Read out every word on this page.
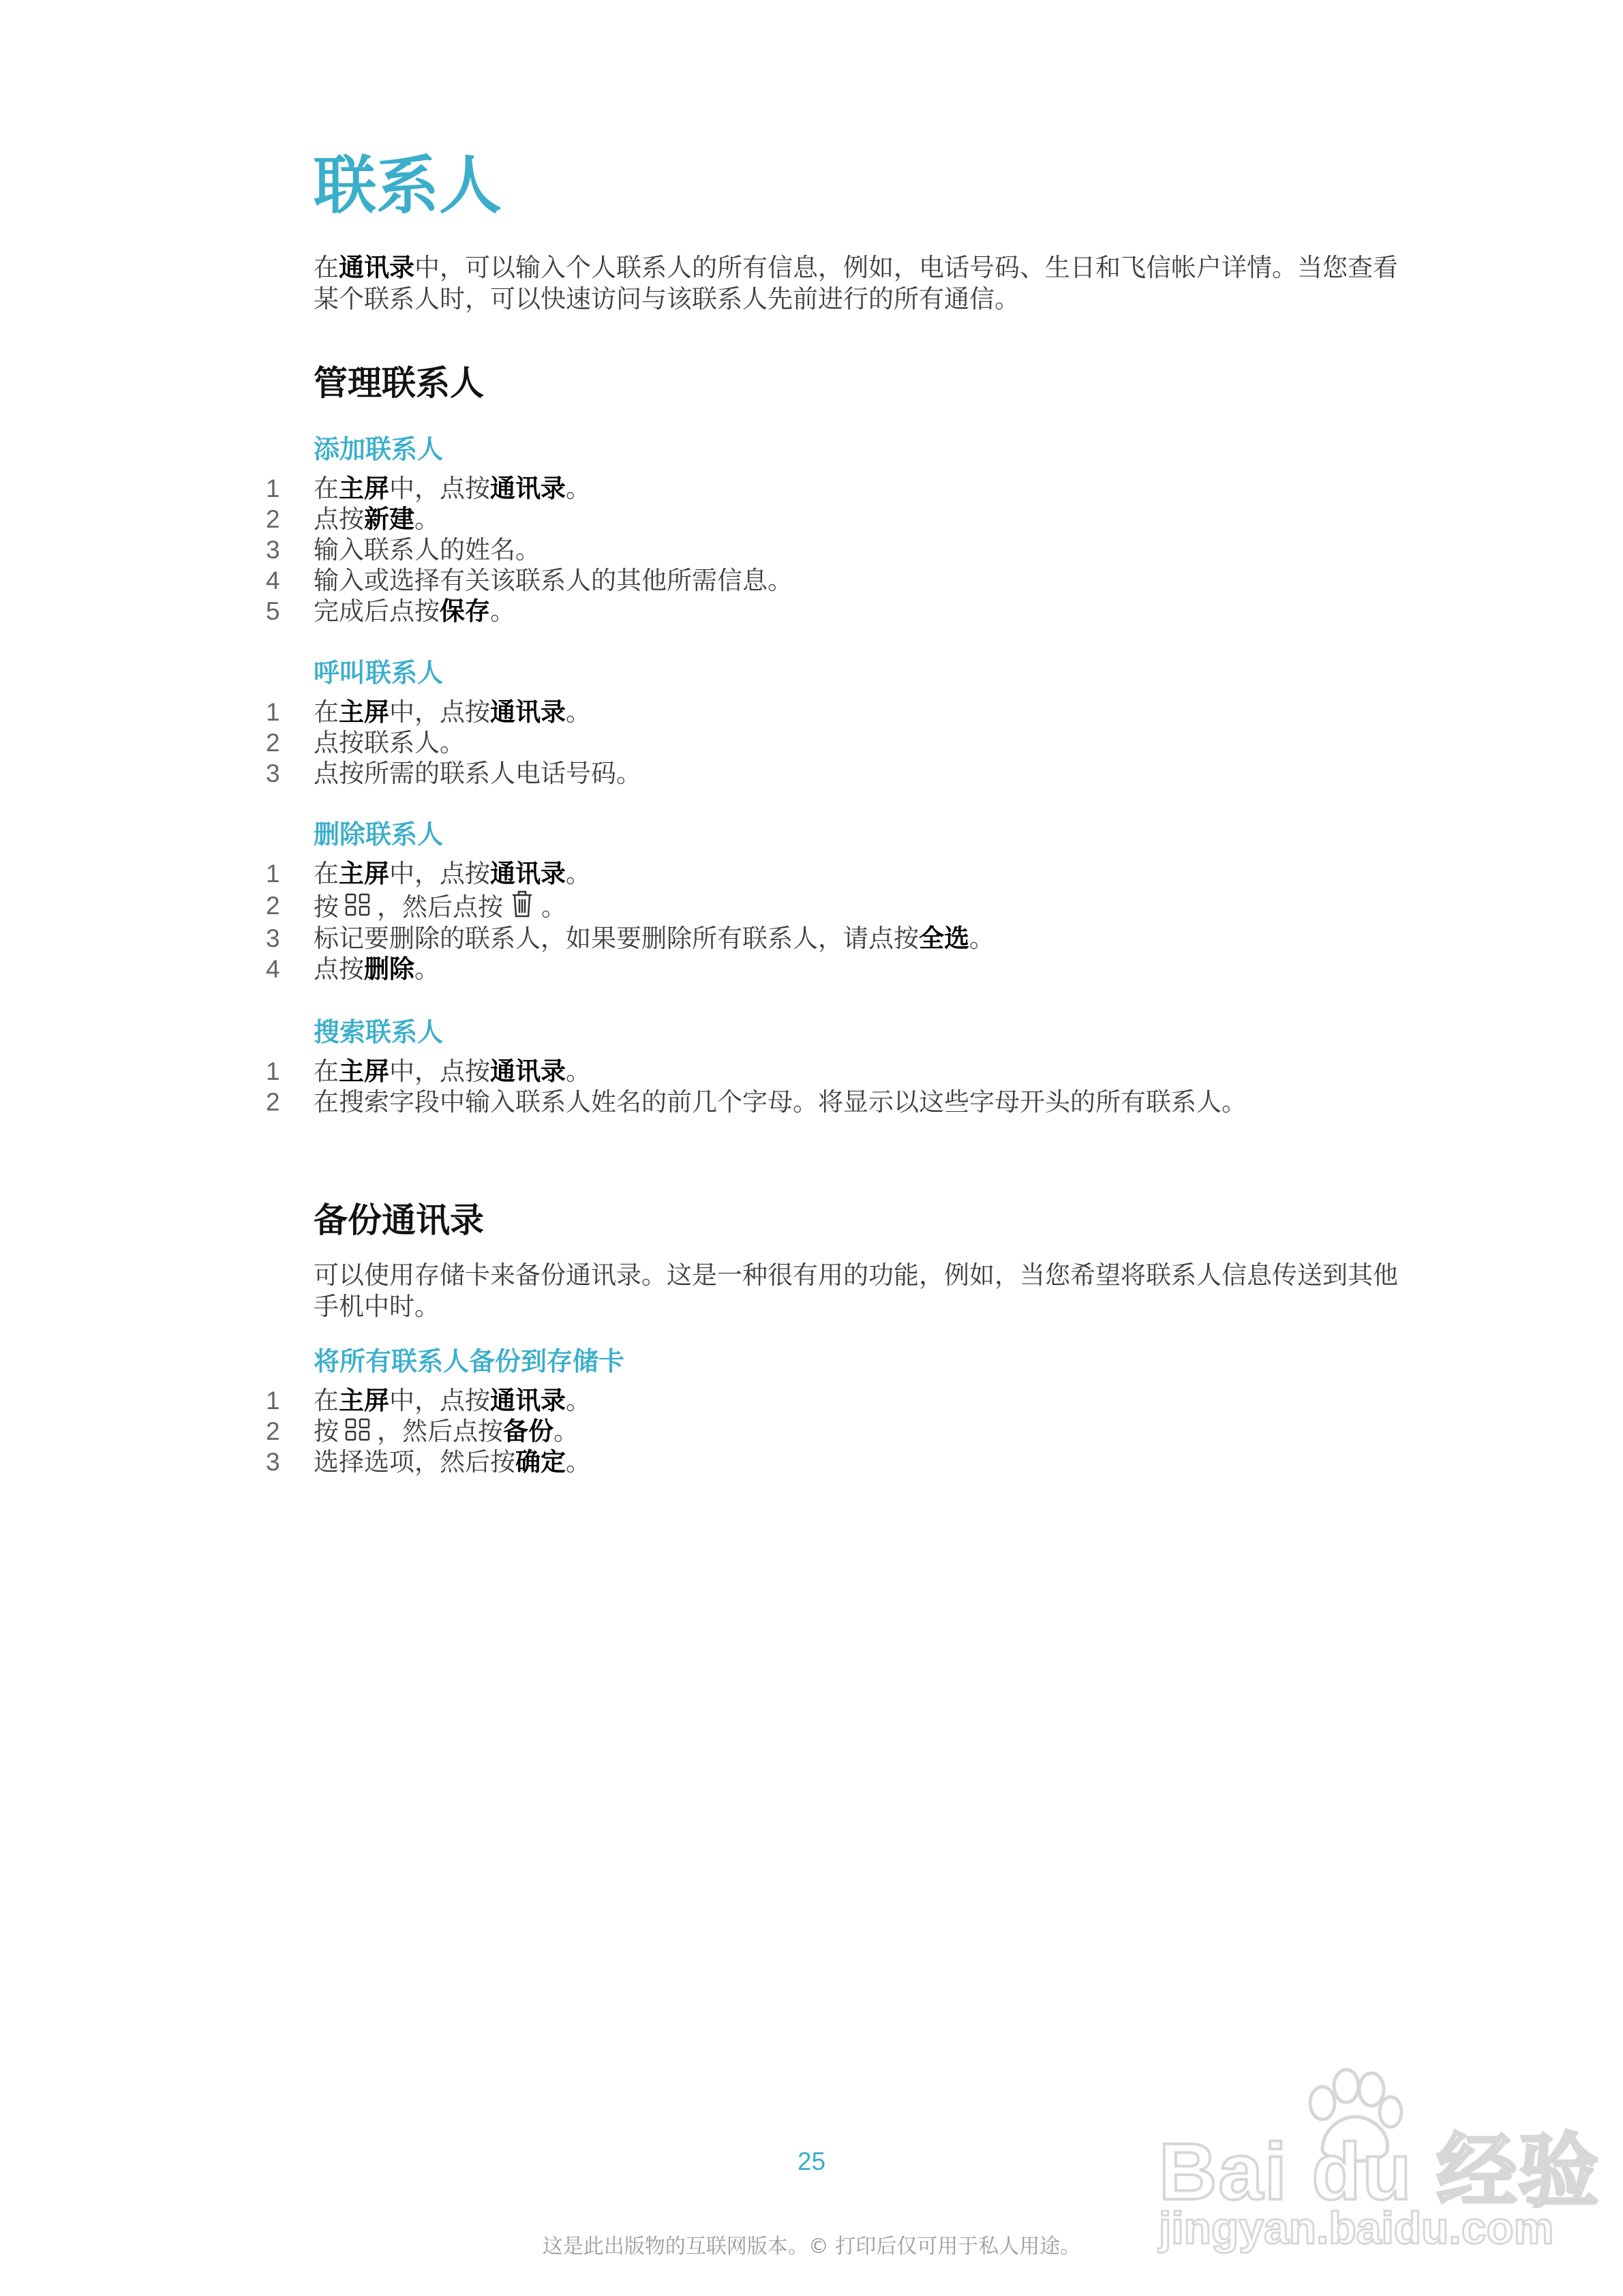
联系人

在通讯录中，可以输入个人联系人的所有信息，例如，电话号码、生日和飞信帐户详情。当您查看某个联系人时，可以快速访问与该联系人先前进行的所有通信。

管理联系人
添加联系人
1 在主屏中，点按通讯录。
2 点按新建。
3 输入联系人的姓名。
4 输入或选择有关该联系人的其他所需信息。
5 完成后点按保存。
呼叫联系人
1 在主屏中，点按通讯录。
2 点按联系人。
3 点按所需的联系人电话号码。
删除联系人
1 在主屏中，点按通讯录。
2 按 ，然后点按 。
3 标记要删除的联系人，如果要删除所有联系人，请点按全选。
4 点按删除。
搜索联系人
1 在主屏中，点按通讯录。
2 在搜索字段中输入联系人姓名的前几个字母。将显示以这些字母开头的所有联系人。
备份通讯录

可以使用存储卡来备份通讯录。这是一种很有用的功能，例如，当您希望将联系人信息传送到其他手机中时。

将所有联系人备份到存储卡
1 在主屏中，点按通讯录。
2 按 ，然后点按备份。
3 选择选项，然后按确定。
25
这是此出版物的互联网版本。© 打印后仅可用于私人用途。
Bai du 经验
jingyan.baidu.com
